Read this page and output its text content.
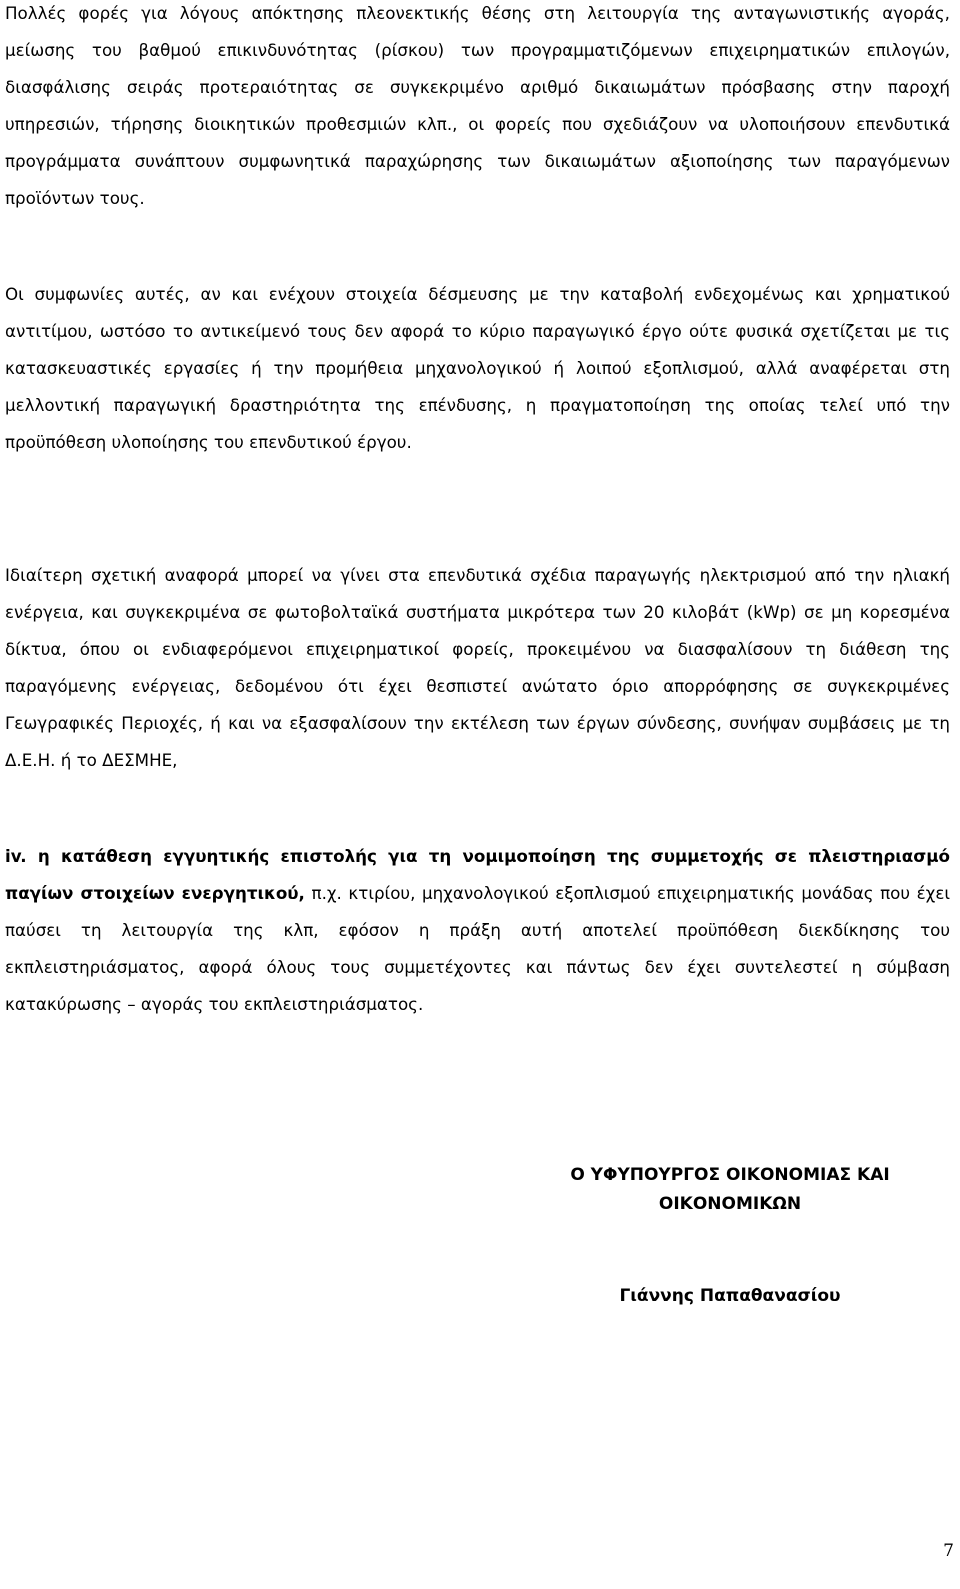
Πολλές φορές για λόγους απόκτησης πλεονεκτικής θέσης στη λειτουργία της ανταγωνιστικής αγοράς, μείωσης του βαθμού επικινδυνότητας (ρίσκου) των προγραμματιζόμενων επιχειρηματικών επιλογών, διασφάλισης σειράς προτεραιότητας σε συγκεκριμένο αριθμό δικαιωμάτων πρόσβασης στην παροχή υπηρεσιών, τήρησης διοικητικών προθεσμιών κλπ., οι φορείς που σχεδιάζουν να υλοποιήσουν επενδυτικά προγράμματα συνάπτουν συμφωνητικά παραχώρησης των δικαιωμάτων αξιοποίησης των παραγόμενων προϊόντων τους.

Οι συμφωνίες αυτές, αν και ενέχουν στοιχεία δέσμευσης με την καταβολή ενδεχομένως και χρηματικού αντιτίμου, ωστόσο το αντικείμενό τους δεν αφορά το κύριο παραγωγικό έργο ούτε φυσικά σχετίζεται με τις κατασκευαστικές εργασίες ή την προμήθεια μηχανολογικού ή λοιπού εξοπλισμού, αλλά αναφέρεται στη μελλοντική παραγωγική δραστηριότητα της επένδυσης, η πραγματοποίηση της οποίας τελεί υπό την προϋπόθεση υλοποίησης του επενδυτικού έργου.

Ιδιαίτερη σχετική αναφορά μπορεί να γίνει στα επενδυτικά σχέδια παραγωγής ηλεκτρισμού από την ηλιακή ενέργεια, και συγκεκριμένα σε φωτοβολταϊκά συστήματα μικρότερα των 20 κιλοβάτ (kWp) σε μη κορεσμένα δίκτυα, όπου οι ενδιαφερόμενοι επιχειρηματικοί φορείς, προκειμένου να διασφαλίσουν τη διάθεση της παραγόμενης ενέργειας, δεδομένου ότι έχει θεσπιστεί ανώτατο όριο απορρόφησης σε συγκεκριμένες Γεωγραφικές Περιοχές, ή και να εξασφαλίσουν την εκτέλεση των έργων σύνδεσης, συνήψαν συμβάσεις με τη Δ.Ε.Η. ή το ΔΕΣΜΗΕ,

iv. η κατάθεση εγγυητικής επιστολής για τη νομιμοποίηση της συμμετοχής σε πλειστηριασμό παγίων στοιχείων ενεργητικού, π.χ. κτιρίου, μηχανολογικού εξοπλισμού επιχειρηματικής μονάδας που έχει παύσει τη λειτουργία της κλπ, εφόσον η πράξη αυτή αποτελεί προϋπόθεση διεκδίκησης του εκπλειστηριάσματος, αφορά όλους τους συμμετέχοντες και πάντως δεν έχει συντελεστεί η σύμβαση κατακύρωσης – αγοράς του εκπλειστηριάσματος.

Ο ΥΦΥΠΟΥΡΓΟΣ ΟΙΚΟΝΟΜΙΑΣ ΚΑΙ
ΟΙΚΟΝΟΜΙΚΩΝ
Γιάννης Παπαθανασίου
7
